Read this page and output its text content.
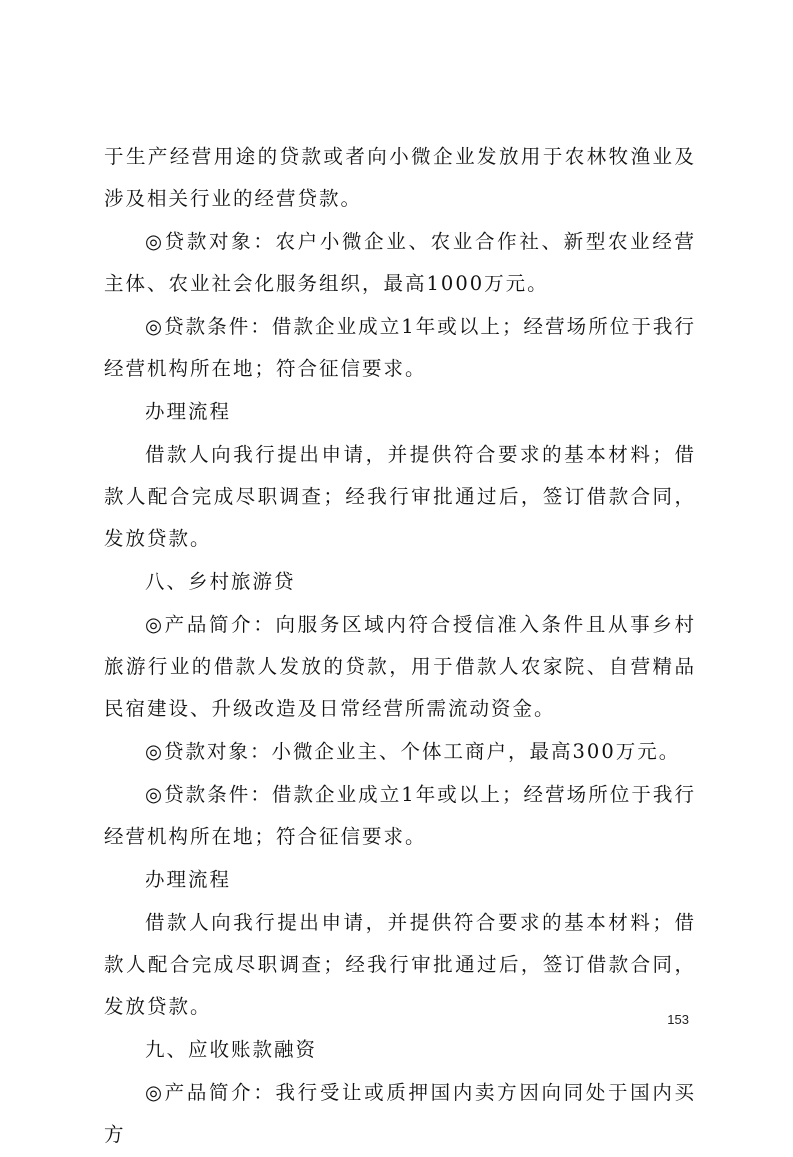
于生产经营用途的贷款或者向小微企业发放用于农林牧渔业及涉及相关行业的经营贷款。

◎贷款对象：农户小微企业、农业合作社、新型农业经营主体、农业社会化服务组织，最高1000万元。

◎贷款条件：借款企业成立1年或以上；经营场所位于我行经营机构所在地；符合征信要求。

办理流程

借款人向我行提出申请，并提供符合要求的基本材料；借款人配合完成尽职调查；经我行审批通过后，签订借款合同，发放贷款。

八、乡村旅游贷

◎产品简介：向服务区域内符合授信准入条件且从事乡村旅游行业的借款人发放的贷款，用于借款人农家院、自营精品民宿建设、升级改造及日常经营所需流动资金。

◎贷款对象：小微企业主、个体工商户，最高300万元。

◎贷款条件：借款企业成立1年或以上；经营场所位于我行经营机构所在地；符合征信要求。

办理流程

借款人向我行提出申请，并提供符合要求的基本材料；借款人配合完成尽职调查；经我行审批通过后，签订借款合同，发放贷款。

九、应收账款融资

◎产品简介：我行受让或质押国内卖方因向同处于国内买方

153
